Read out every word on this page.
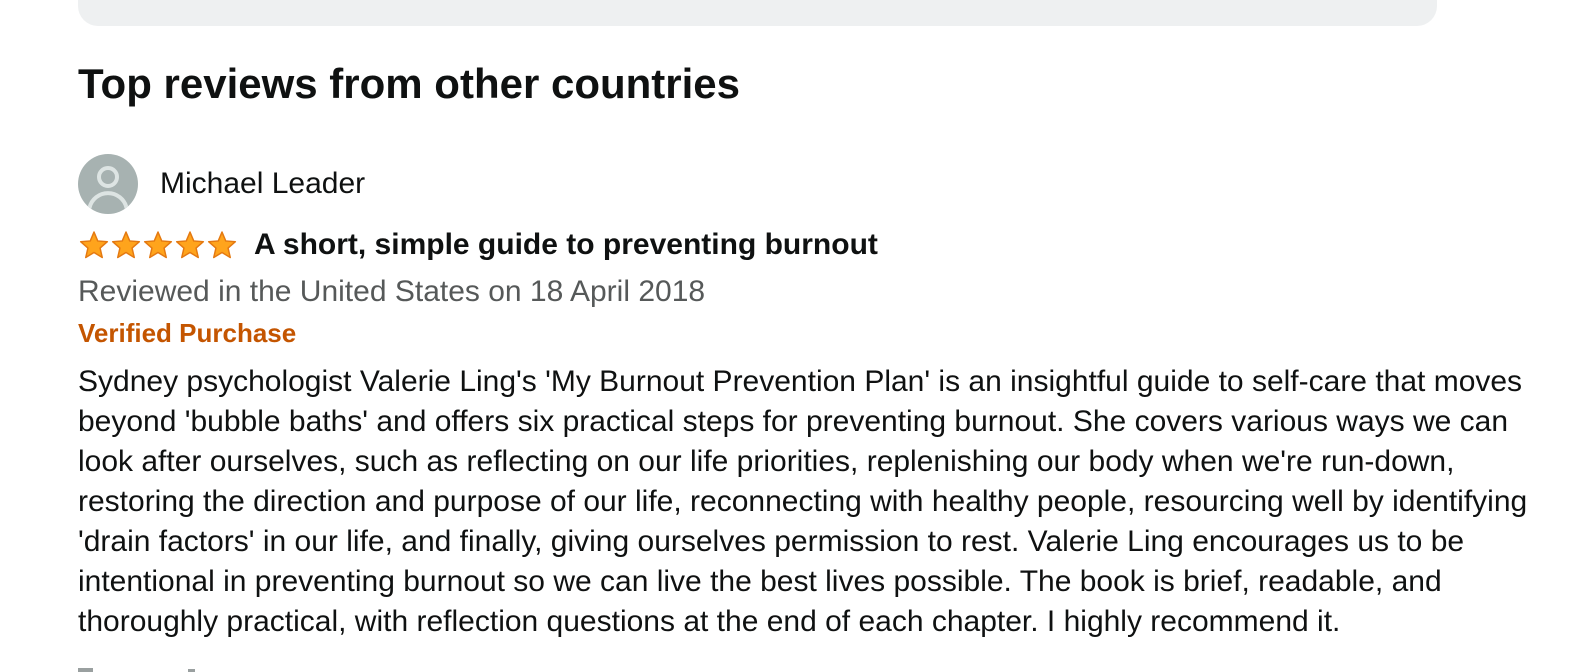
Top reviews from other countries
Michael Leader
A short, simple guide to preventing burnout
Reviewed in the United States on 18 April 2018
Verified Purchase
Sydney psychologist Valerie Ling's 'My Burnout Prevention Plan' is an insightful guide to self-care that moves
beyond 'bubble baths' and offers six practical steps for preventing burnout. She covers various ways we can
look after ourselves, such as reflecting on our life priorities, replenishing our body when we're run-down,
restoring the direction and purpose of our life, reconnecting with healthy people, resourcing well by identifying
'drain factors' in our life, and finally, giving ourselves permission to rest. Valerie Ling encourages us to be
intentional in preventing burnout so we can live the best lives possible. The book is brief, readable, and
thoroughly practical, with reflection questions at the end of each chapter. I highly recommend it.
